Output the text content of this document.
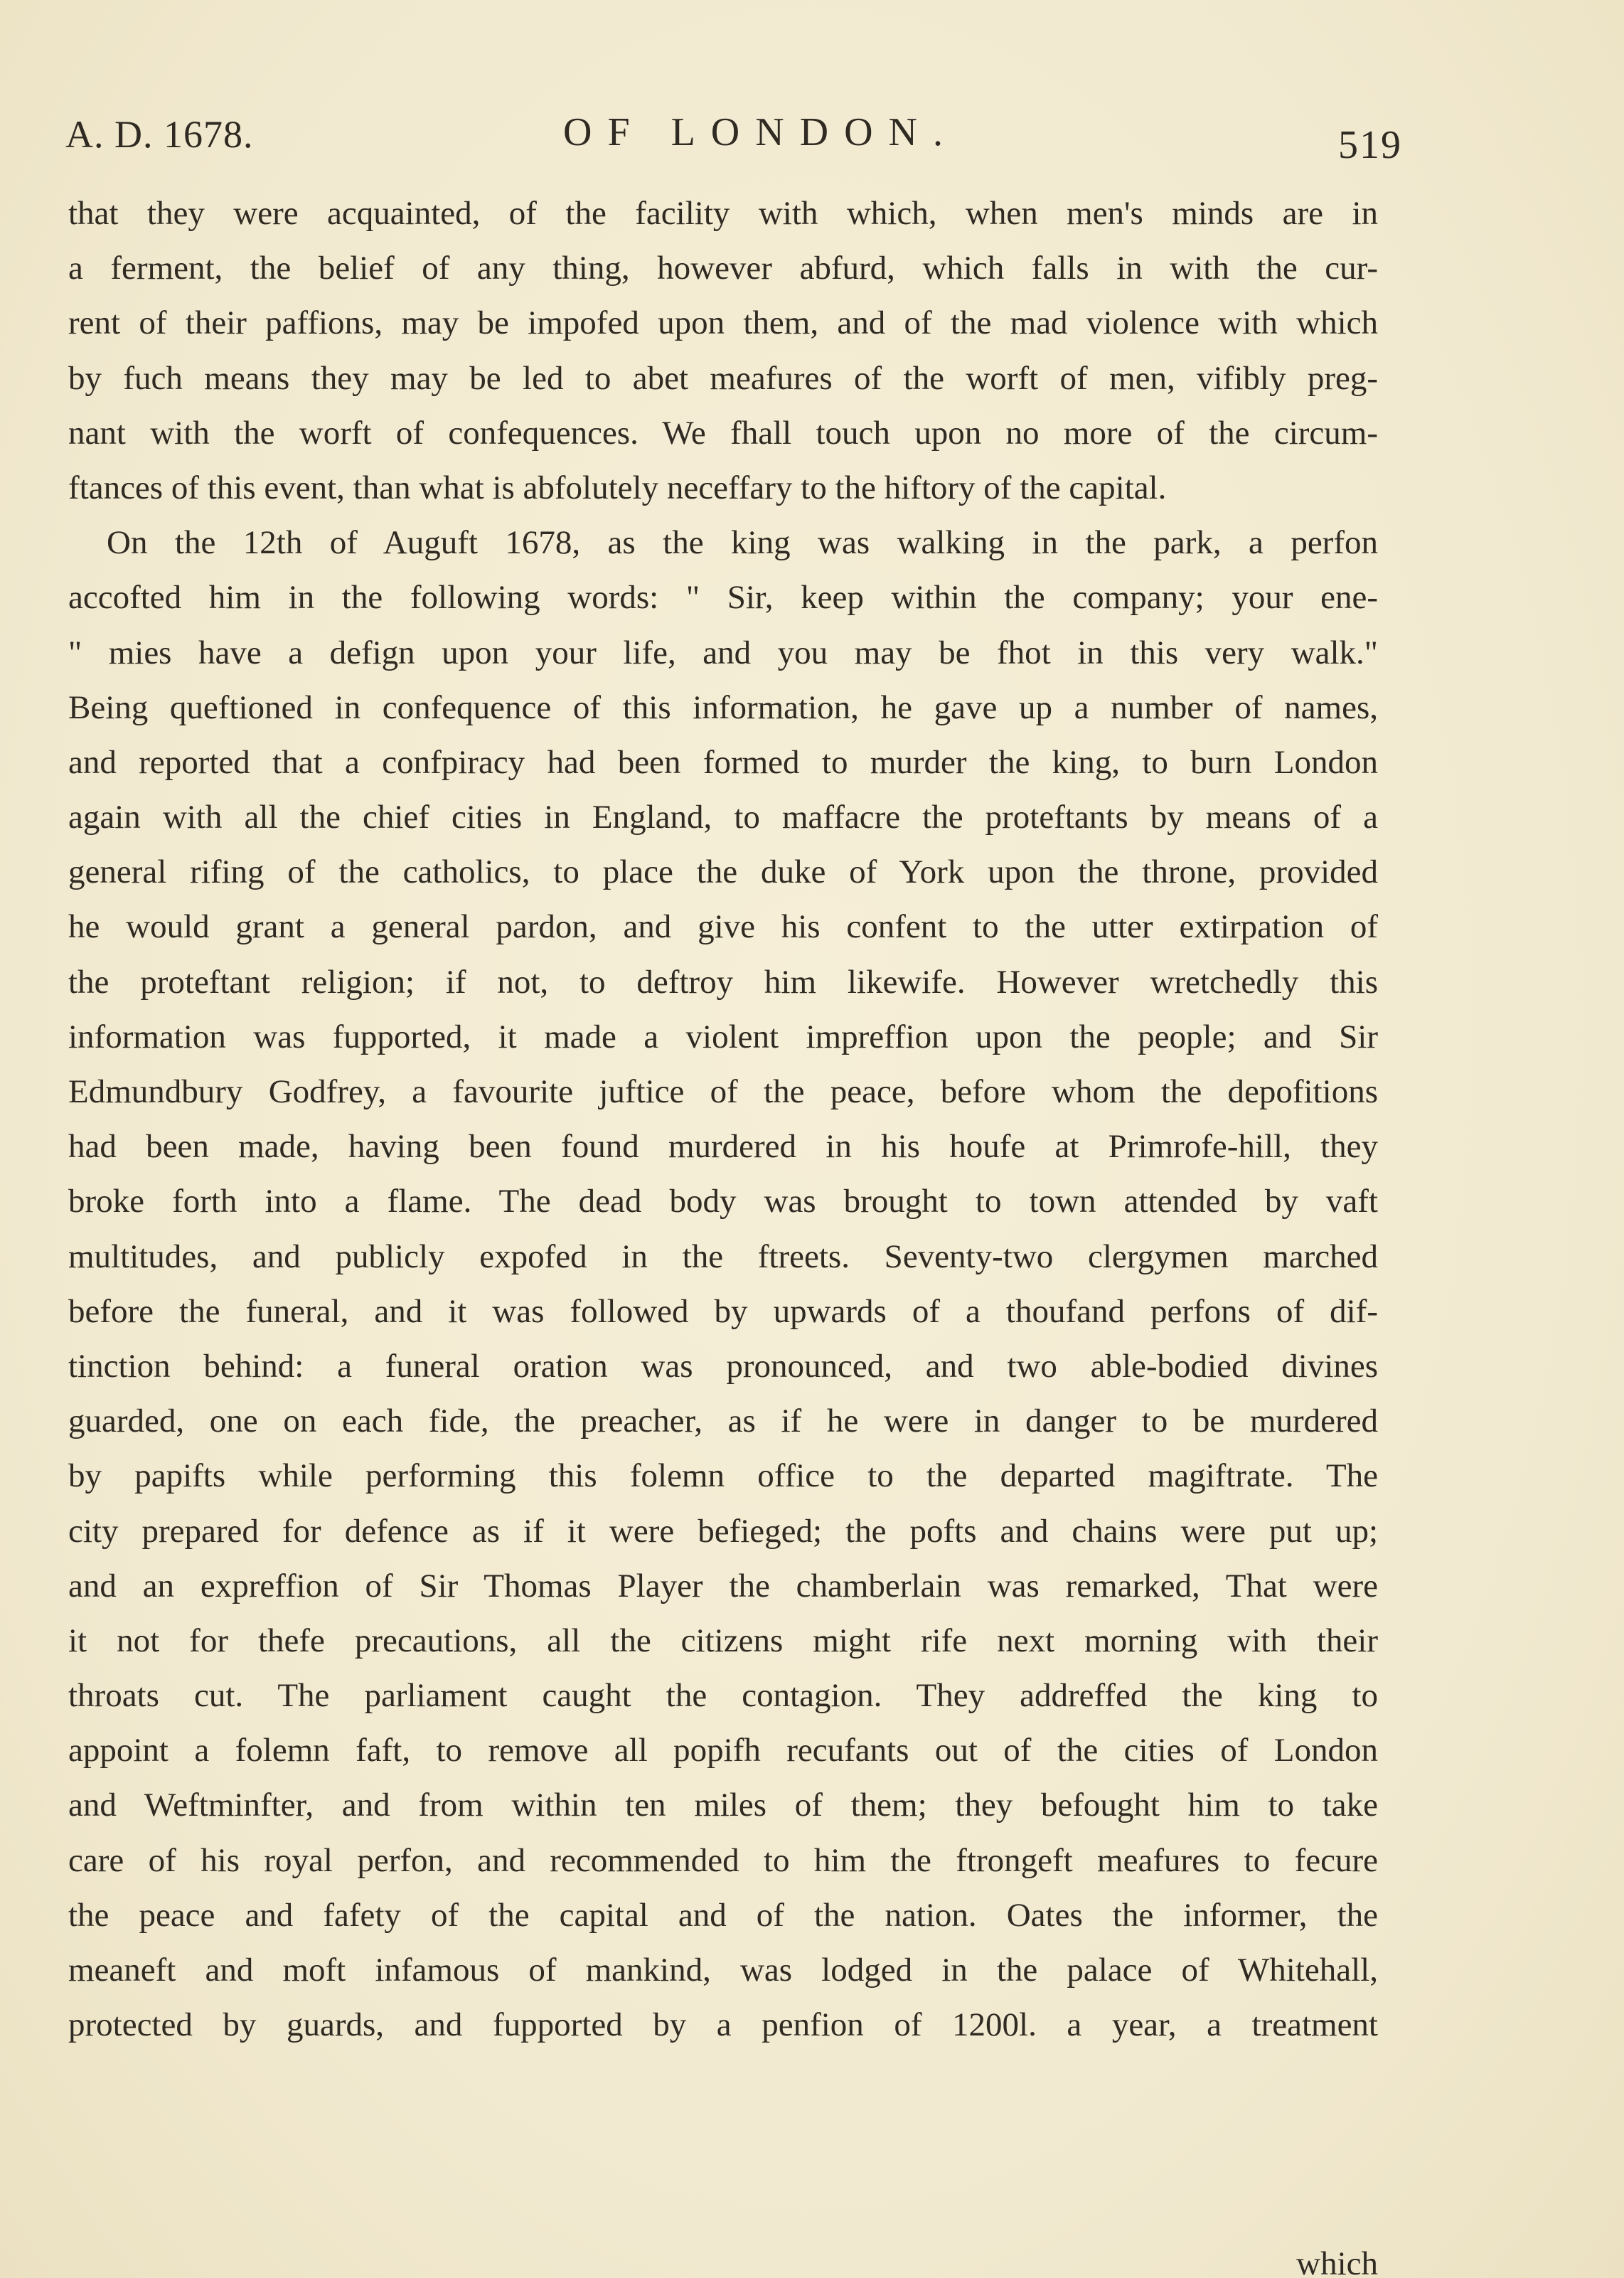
A. D. 1678.	OF LONDON.	519
that they were acquainted, of the facility with which, when men's minds are in
a ferment, the belief of any thing, however abfurd, which falls in with the cur-
rent of their paffions, may be impofed upon them, and of the mad violence with which
by fuch means they may be led to abet meafures of the worft of men, vifibly preg-
nant with the worft of confequences. We fhall touch upon no more of the circum-
ftances of this event, than what is abfolutely neceffary to the hiftory of the capital.
On the 12th of Auguft 1678, as the king was walking in the park, a perfon
accofted him in the following words: " Sir, keep within the company; your ene-
" mies have a defign upon your life, and you may be fhot in this very walk."
Being queftioned in confequence of this information, he gave up a number of names,
and reported that a confpiracy had been formed to murder the king, to burn London
again with all the chief cities in England, to maffacre the proteftants by means of a
general rifing of the catholics, to place the duke of York upon the throne, provided
he would grant a general pardon, and give his confent to the utter extirpation of
the proteftant religion; if not, to deftroy him likewife. However wretchedly this
information was fupported, it made a violent impreffion upon the people; and Sir
Edmundbury Godfrey, a favourite juftice of the peace, before whom the depofitions
had been made, having been found murdered in his houfe at Primrofe-hill, they
broke forth into a flame. The dead body was brought to town attended by vaft
multitudes, and publicly expofed in the ftreets. Seventy-two clergymen marched
before the funeral, and it was followed by upwards of a thoufand perfons of dif-
tinction behind: a funeral oration was pronounced, and two able-bodied divines
guarded, one on each fide, the preacher, as if he were in danger to be murdered
by papifts while performing this folemn office to the departed magiftrate. The
city prepared for defence as if it were befieged; the pofts and chains were put up;
and an expreffion of Sir Thomas Player the chamberlain was remarked, That were
it not for thefe precautions, all the citizens might rife next morning with their
throats cut. The parliament caught the contagion. They addreffed the king to
appoint a folemn faft, to remove all popifh recufants out of the cities of London
and Weftminfter, and from within ten miles of them; they befought him to take
care of his royal perfon, and recommended to him the ftrongeft meafures to fecure
the peace and fafety of the capital and of the nation. Oates the informer, the
meaneft and moft infamous of mankind, was lodged in the palace of Whitehall,
protected by guards, and fupported by a penfion of 1200l. a year, a treatment
which
